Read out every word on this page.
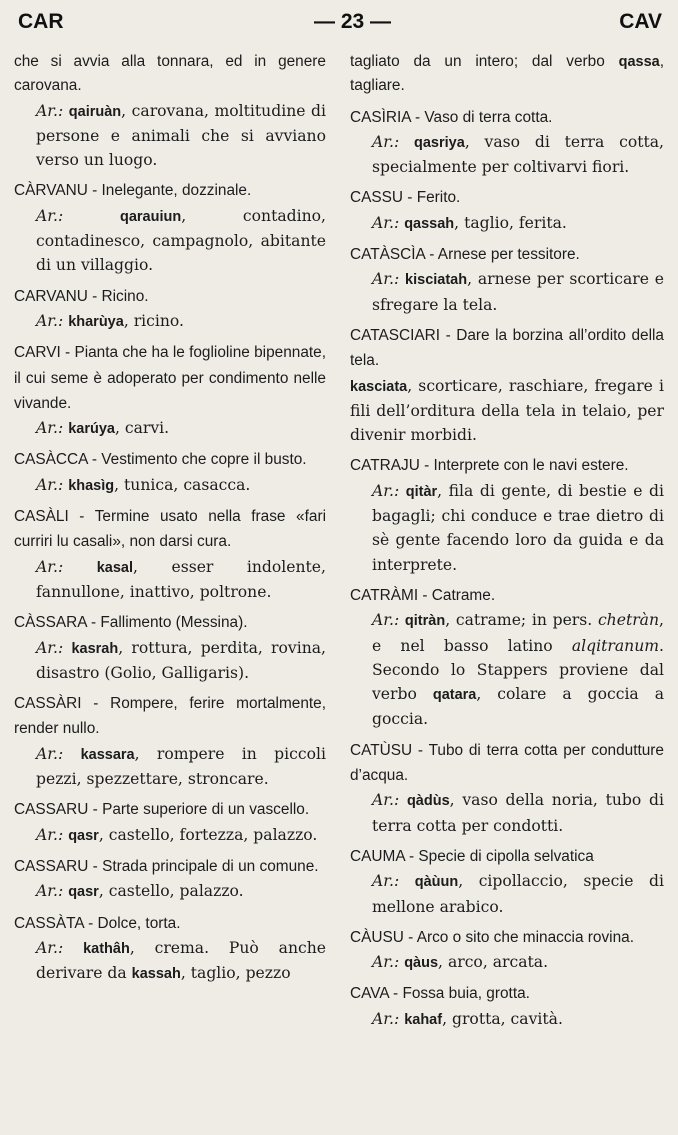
CAR	— 23 —	CAV

che si avvia alla tonnara, ed in genere carovana.

Ar.: qairuàn, carovana, moltitudine di persone e animali che si avviano verso un luogo.

CÀRVANU - Inelegante, dozzinale.

Ar.:	qarauiun, contadino, contadinesco, campagnolo, abitante di un villaggio.

CARVANU - Ricino.

Ar.: kharùya, ricino.

CARVI - Pianta che ha le foglioline bipennate, il cui seme è adoperato per condimento nelle vivande.

Ar.: karúya, carvi.

CASÀCCA - Vestimento che copre il busto.

Ar.: khasìg, tunica, casacca.

CASÀLI - Termine usato nella frase «fari curriri lu casali», non darsi cura.

Ar.: kasal, esser indolente, fannullone, inattivo, poltrone.

CÀSSARA - Fallimento (Messina).

Ar.: kasrah, rottura, perdita, rovina, disastro (Golio, Galligaris).

CASSÀRI - Rompere, ferire mortalmente, render nullo.

Ar.: kassara, rompere in piccoli pezzi, spezzettare, stroncare.

CASSARU - Parte superiore di un vascello.

Ar.: qasr, castello, fortezza, palazzo.

CASSARU - Strada principale di un comune.

Ar.: qasr, castello, palazzo.

CASSÀTA - Dolce, torta.

Ar.: kathâh, crema. Può anche derivare da kassah, taglio, pezzo

tagliato da un intero; dal verbo qassa, tagliare.

CASÌRIA - Vaso di terra cotta.

Ar.: qasriya, vaso di terra cotta, specialmente per coltivarvi fiori.

CASSU - Ferito.

Ar.: qassah, taglio, ferita.

CATÀSCÌA - Arnese per tessitore.

Ar.: kisciatah, arnese per scorticare e sfregare la tela.

CATASCIARI - Dare la borzina all’ordito della tela.

kasciata, scorticare, raschiare, fregare i fili dell’orditura della tela in telaio, per divenir morbidi.

CATRAJU - Interprete con le navi estere.

Ar.: qitàr, fila di gente, di bestie e di bagagli; chi conduce e trae dietro di sè gente facendo loro da guida e da interprete.

CATRÀMI - Catrame.

Ar.: qitràn, catrame; in pers. chetràn, e nel basso latino alqitranum. Secondo lo Stappers proviene dal verbo qatara, colare a goccia a goccia.

CATÙSU - Tubo di terra cotta per condutture d’acqua.

Ar.: qàdùs, vaso della noria, tubo di terra cotta per condotti.

CAUMA - Specie di cipolla selvatica

Ar.: qàùun, cipollaccio, specie di mellone arabico.

CÀUSU - Arco o sito che minaccia rovina.

Ar.: qàus, arco, arcata.

CAVA - Fossa buia, grotta.

Ar.: kahaf, grotta, cavità.
